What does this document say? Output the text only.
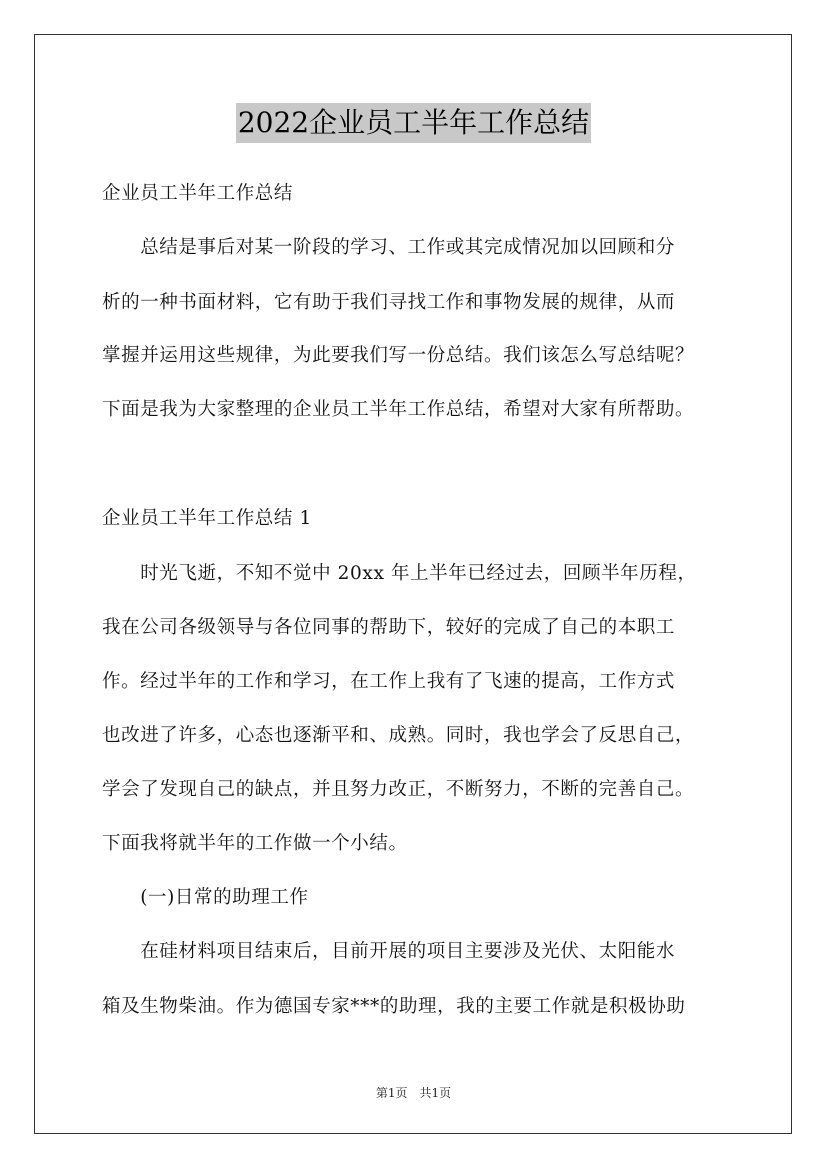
2022企业员工半年工作总结
企业员工半年工作总结
　　总结是事后对某一阶段的学习、工作或其完成情况加以回顾和分
析的一种书面材料，它有助于我们寻找工作和事物发展的规律，从而
掌握并运用这些规律，为此要我们写一份总结。我们该怎么写总结呢？
下面是我为大家整理的企业员工半年工作总结，希望对大家有所帮助。
企业员工半年工作总结 1
　　时光飞逝，不知不觉中 20xx 年上半年已经过去，回顾半年历程，
我在公司各级领导与各位同事的帮助下，较好的完成了自己的本职工
作。经过半年的工作和学习，在工作上我有了飞速的提高，工作方式
也改进了许多，心态也逐渐平和、成熟。同时，我也学会了反思自己，
学会了发现自己的缺点，并且努力改正，不断努力，不断的完善自己。
下面我将就半年的工作做一个小结。
　　(一)日常的助理工作
　　在硅材料项目结束后，目前开展的项目主要涉及光伏、太阳能水
箱及生物柴油。作为德国专家***的助理，我的主要工作就是积极协助
第1页　共1页
